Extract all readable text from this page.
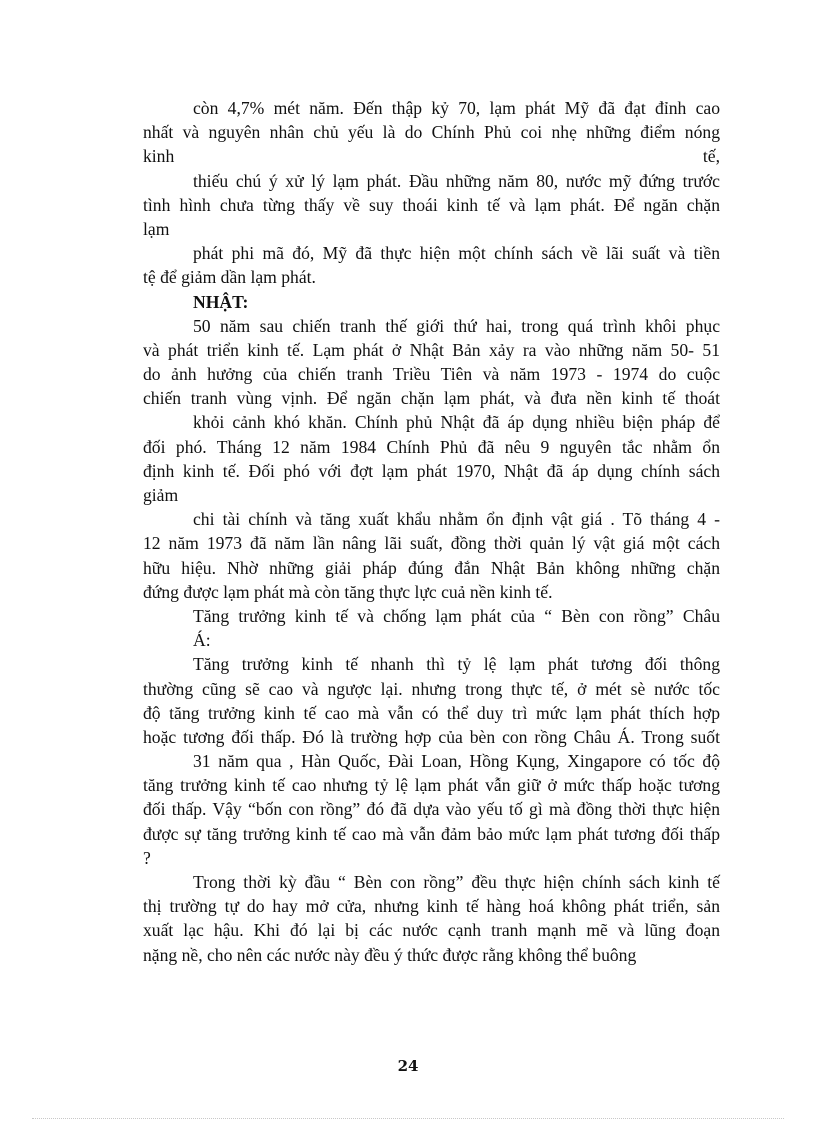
còn 4,7% mét năm. Đến thập kỷ 70, lạm phát Mỹ đã đạt đỉnh cao
nhất và nguyên nhân chủ yếu là do Chính Phủ coi nhẹ những điểm nóng
kinh	tế,
thiếu chú ý xử lý lạm phát. Đầu những năm 80, nước mỹ đứng trước
tình hình chưa từng thấy về suy thoái kinh tế và lạm phát. Để ngăn chặn
lạm
phát phi mã đó, Mỹ đã thực hiện một chính sách về lãi suất và tiền
tệ để giảm dần lạm phát.
NHẬT:
50 năm sau chiến tranh thế giới thứ hai, trong quá trình khôi phục
và phát triển kinh tế. Lạm phát ở Nhật Bản xảy ra vào những năm 50- 51
do ảnh hưởng của chiến tranh Triều Tiên và năm 1973 - 1974 do cuộc
chiến tranh vùng vịnh. Để ngăn chặn lạm phát, và đưa nền kinh tế thoát
khỏi cảnh khó khăn. Chính phủ Nhật đã áp dụng nhiều biện pháp để
đối phó. Tháng 12 năm 1984 Chính Phủ đã nêu 9 nguyên tắc nhằm ổn
định kinh tế. Đối phó với đợt lạm phát 1970, Nhật đã áp dụng chính sách
giảm
chi tài chính và tăng xuất khẩu nhằm ổn định vật giá . Tõ tháng 4 -
12 năm 1973 đã năm lần nâng lãi suất, đồng thời quản lý vật giá một cách
hữu hiệu. Nhờ những giải pháp đúng đắn Nhật Bản không những chặn
đứng được lạm phát mà còn tăng thực lực cuả nền kinh tế.
Tăng trưởng kinh tế và chống lạm phát của “ Bèn con rồng” Châu
Á:
Tăng trưởng kinh tế nhanh thì tỷ lệ lạm phát tương đối thông
thường cũng sẽ cao và ngược lại. nhưng trong thực tế, ở mét sè nước tốc
độ tăng trưởng kinh tế cao mà vẫn có thể duy trì mức lạm phát thích hợp
hoặc tương đối thấp. Đó là trường hợp của bèn con rồng Châu Á. Trong suốt
31 năm qua , Hàn Quốc, Đài Loan, Hồng Kụng, Xingapore có tốc độ
tăng trưởng kinh tế cao nhưng tỷ lệ lạm phát vẫn giữ ở mức thấp hoặc tương
đối thấp. Vậy “bốn con rồng” đó đã dựa vào yếu tố gì mà đồng thời thực hiện
được sự tăng trưởng kinh tế cao mà vẫn đảm bảo mức lạm phát tương đối thấp
?
Trong thời kỳ đầu “ Bèn con rồng” đều thực hiện chính sách kinh tế
thị trường tự do hay mở cửa, nhưng kinh tế hàng hoá không phát triển, sản
xuất lạc hậu. Khi đó lại bị các nước cạnh tranh mạnh mẽ và lũng đoạn
nặng nề, cho nên các nước này đều ý thức được rằng không thể buông
24
